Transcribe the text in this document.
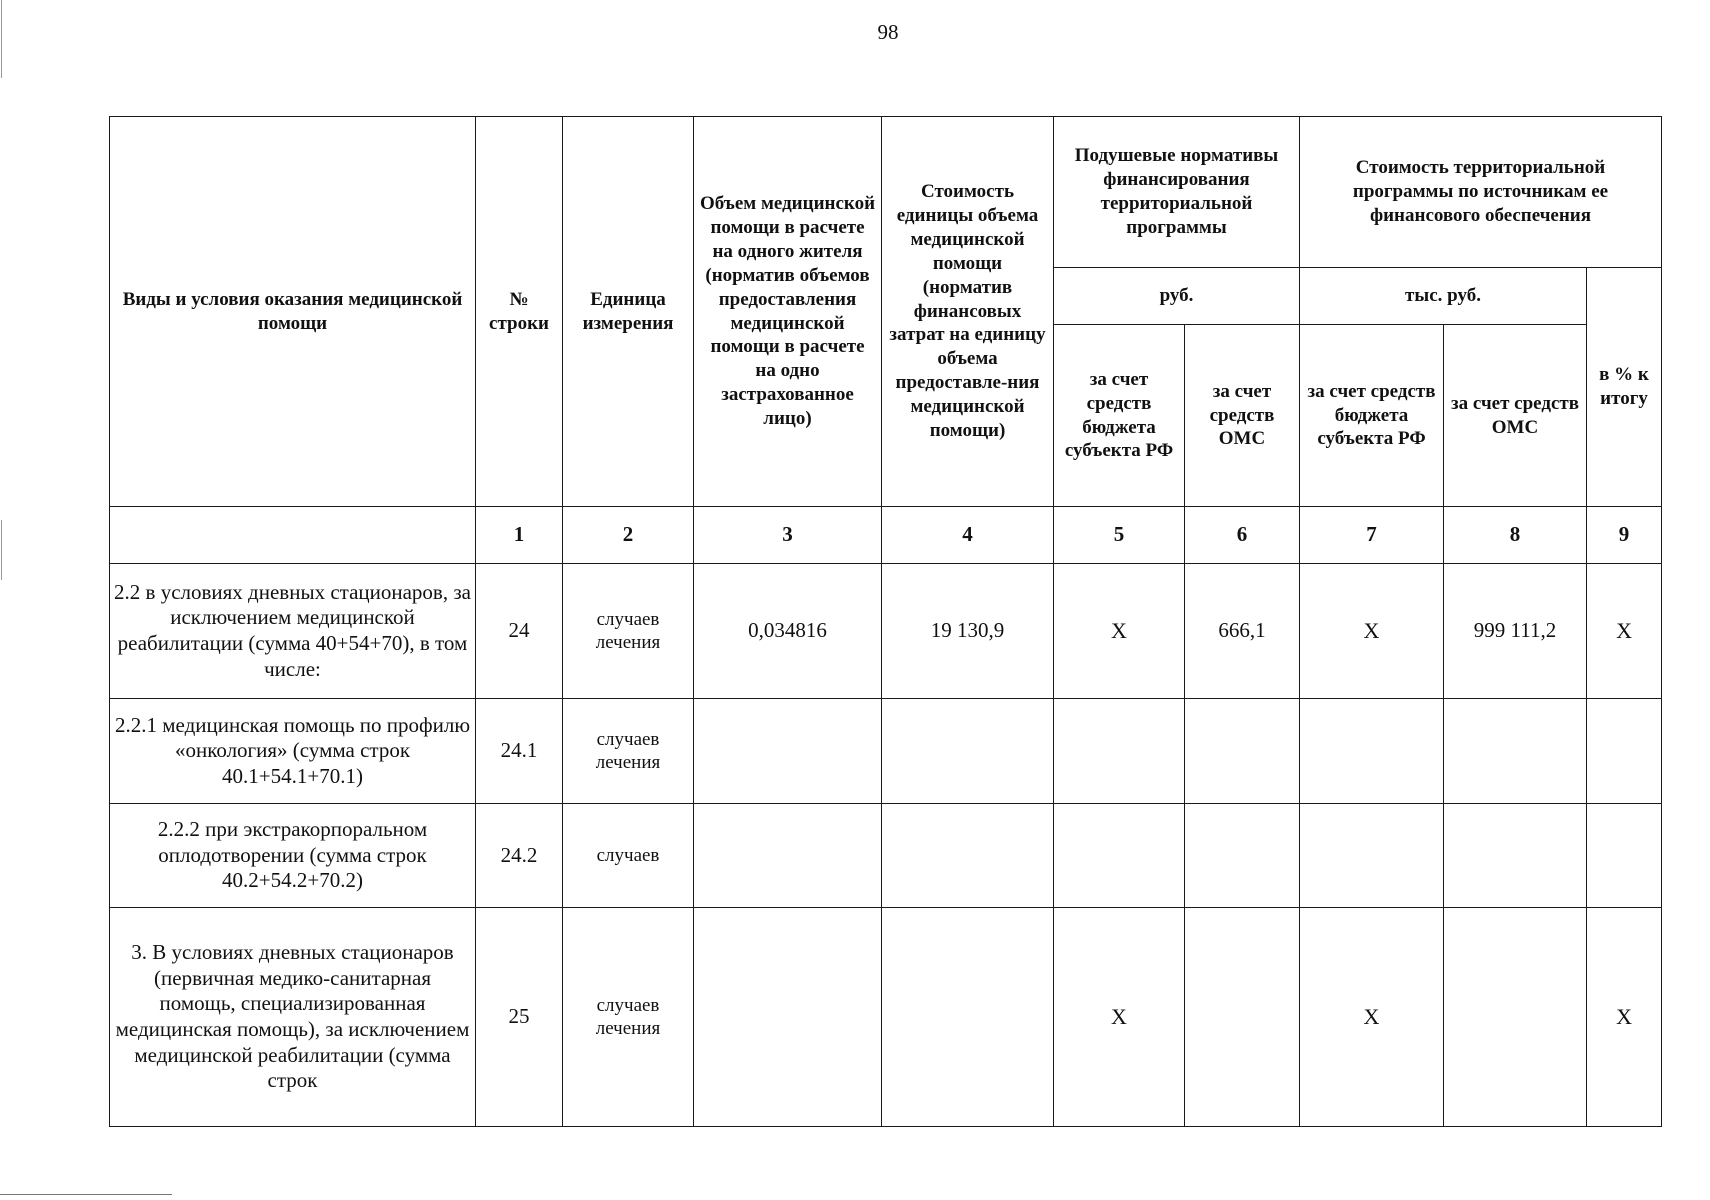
98
Виды и условия оказания медицинской помощи	№ строки	Единица измерения	Объем медицинской помощи в расчете на одного жителя (норматив объемов предоставления медицинской помощи в расчете на одно застрахованное лицо)	Стоимость единицы объема медицинской помощи (норматив финансовых затрат на единицу объема предоставле-ния медицинской помощи)	Подушевые нормативы финансирования территориальной программы		Стоимость территориальной программы по источникам ее финансового обеспечения		
					руб.		тыс. руб.		в % к итогу
					за счет средств бюджета субъекта РФ	за счет средств ОМС	за счет средств бюджета субъекта РФ	за счет средств ОМС	
	1	2	3	4	5	6	7	8	9
2.2 в условиях дневных стационаров, за исключением медицинской реабилитации (сумма 40+54+70), в том числе:	24	случаев лечения	0,034816	19 130,9	Х	666,1	Х	999 111,2	Х
2.2.1 медицинская помощь по профилю «онкология» (сумма строк 40.1+54.1+70.1)	24.1	случаев лечения							
2.2.2 при экстракорпоральном оплодотворении (сумма строк 40.2+54.2+70.2)	24.2	случаев							
3. В условиях дневных стационаров (первичная медико-санитарная помощь, специализированная медицинская помощь), за исключением медицинской реабилитации (сумма строк	25	случаев лечения			Х		Х		Х
